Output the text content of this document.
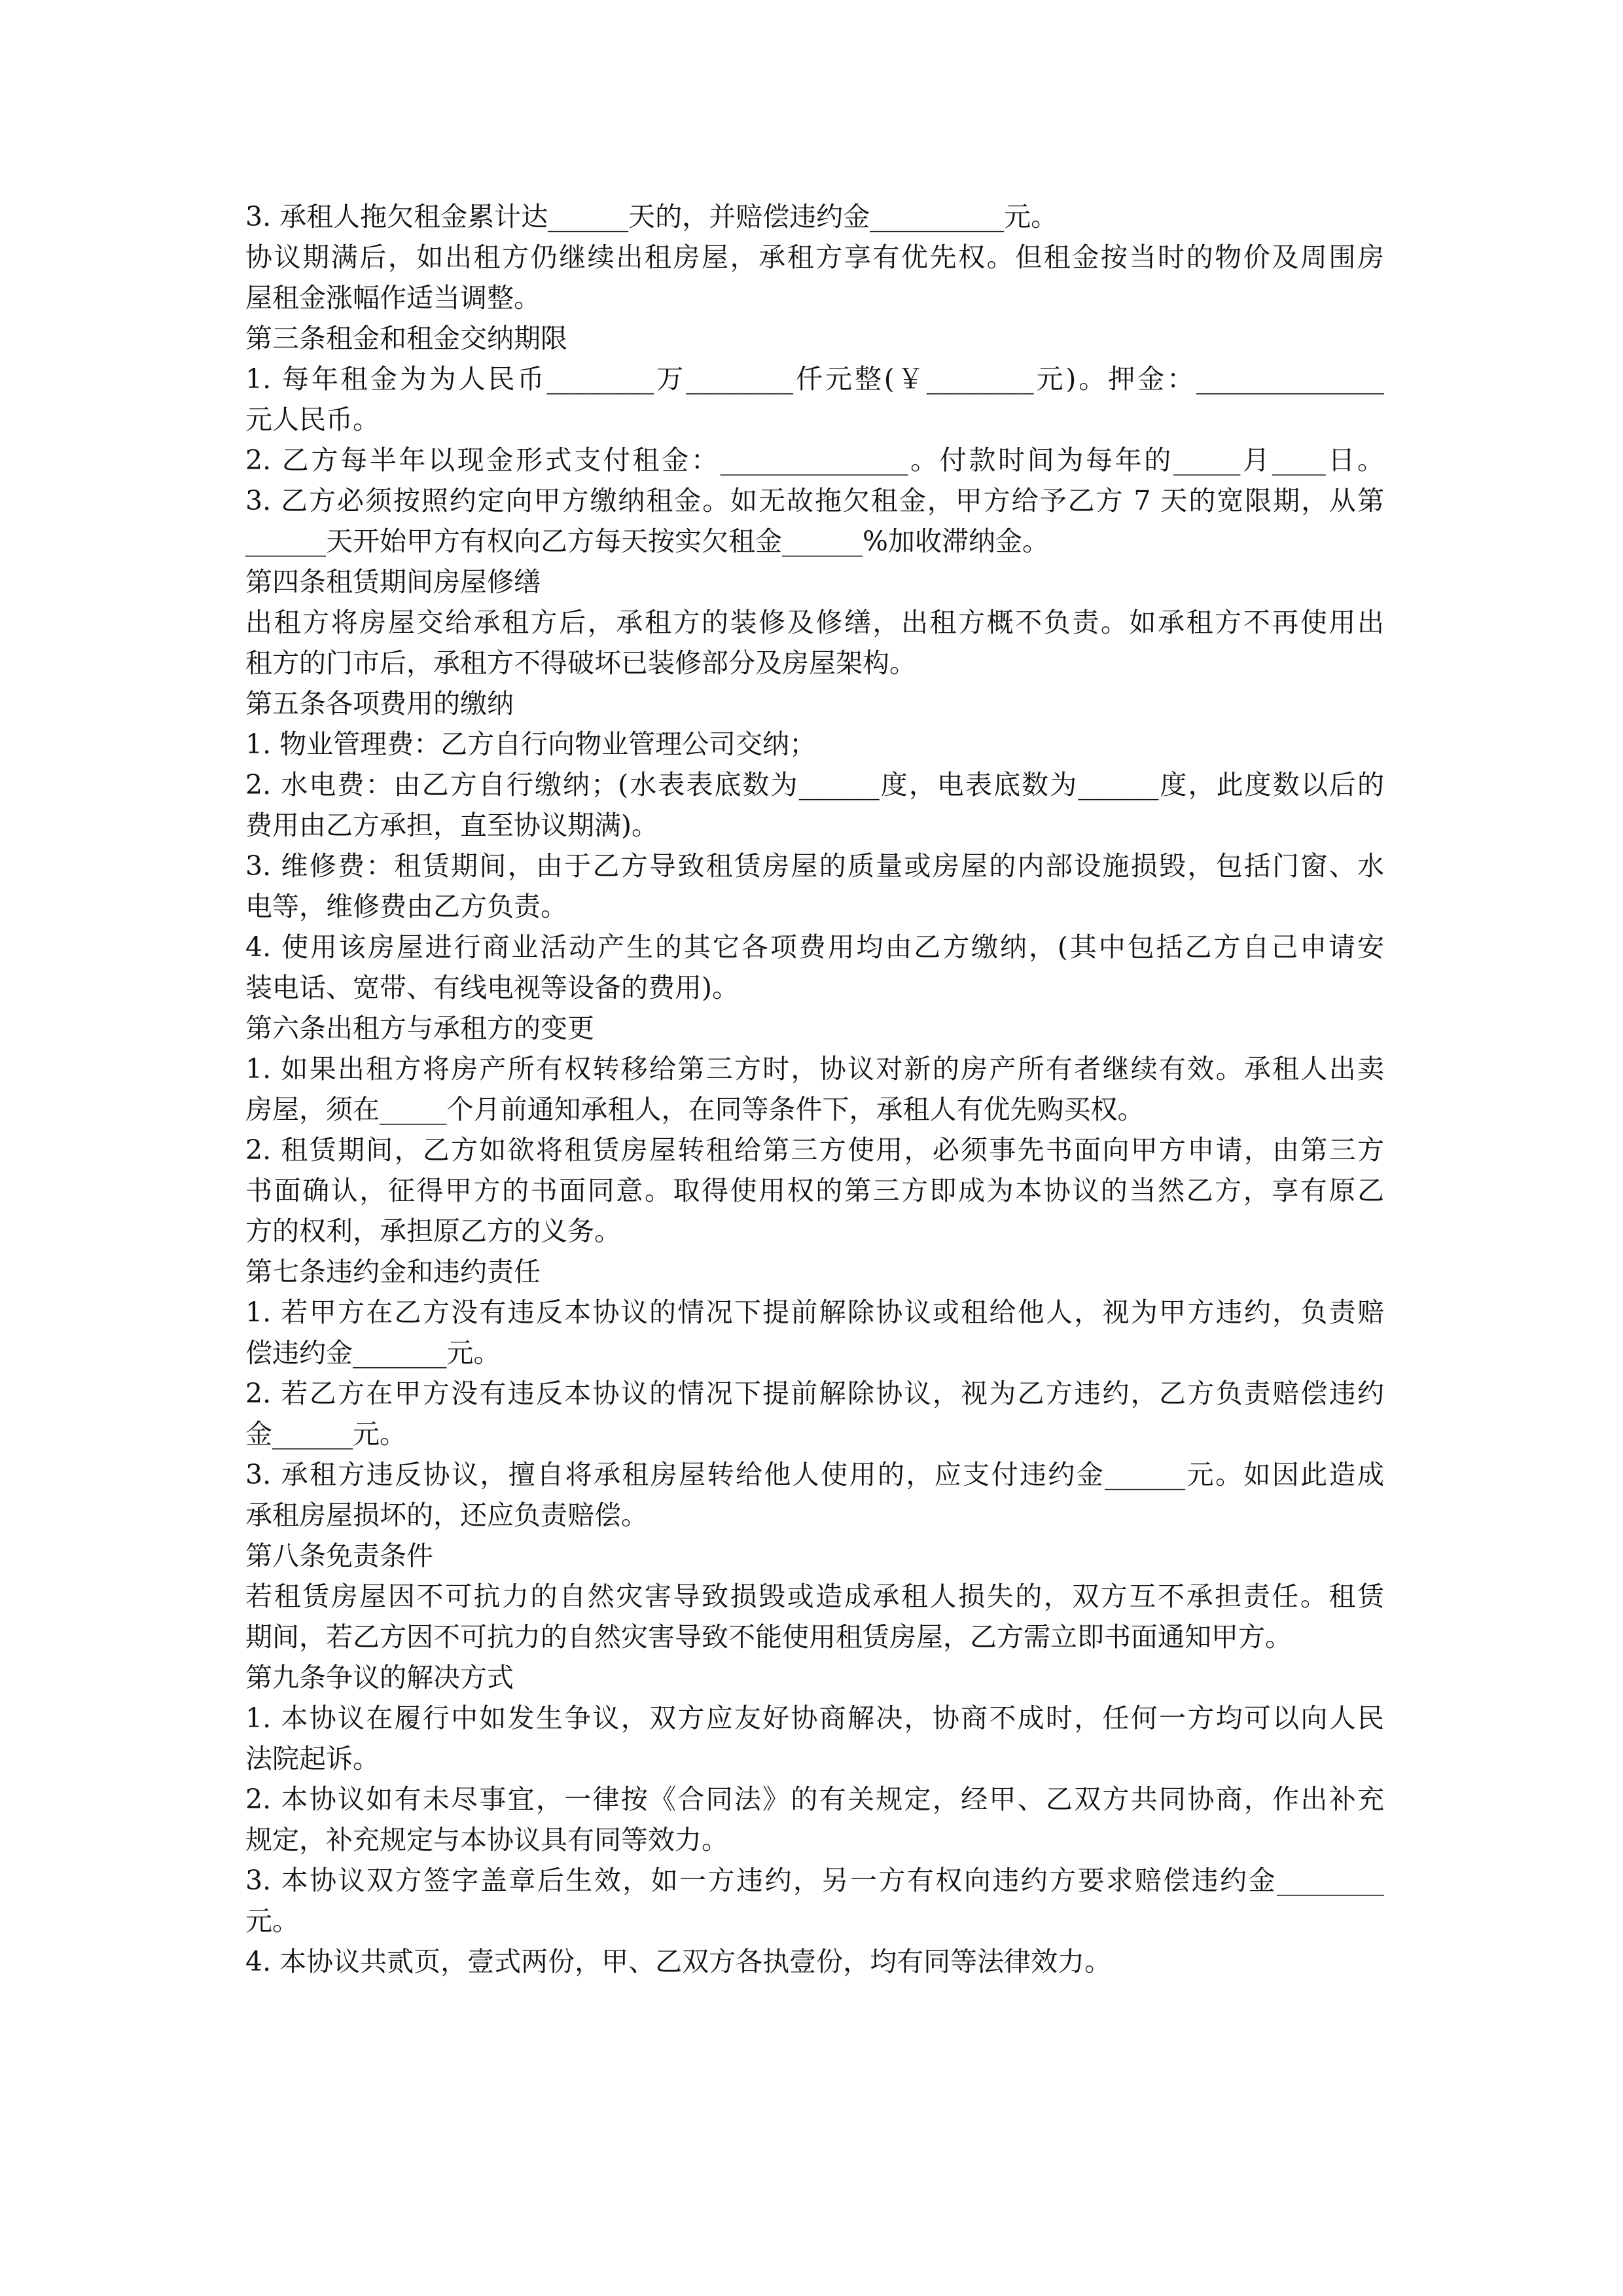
3. 承租人拖欠租金累计达______天的，并赔偿违约金__________元。
协议期满后，如出租方仍继续出租房屋，承租方享有优先权。但租金按当时的物价及周围房
屋租金涨幅作适当调整。
第三条租金和租金交纳期限
1. 每年租金为为人民币________万________仟元整(￥________元)。押金：______________
元人民币。
2. 乙方每半年以现金形式支付租金：______________。付款时间为每年的_____月____日。
3. 乙方必须按照约定向甲方缴纳租金。如无故拖欠租金，甲方给予乙方 7 天的宽限期，从第
______天开始甲方有权向乙方每天按实欠租金______%加收滞纳金。
第四条租赁期间房屋修缮
出租方将房屋交给承租方后，承租方的装修及修缮，出租方概不负责。如承租方不再使用出
租方的门市后，承租方不得破坏已装修部分及房屋架构。
第五条各项费用的缴纳
1. 物业管理费：乙方自行向物业管理公司交纳；
2. 水电费：由乙方自行缴纳；(水表表底数为______度，电表底数为______度，此度数以后的
费用由乙方承担，直至协议期满)。
3. 维修费：租赁期间，由于乙方导致租赁房屋的质量或房屋的内部设施损毁，包括门窗、水
电等，维修费由乙方负责。
4. 使用该房屋进行商业活动产生的其它各项费用均由乙方缴纳，(其中包括乙方自己申请安
装电话、宽带、有线电视等设备的费用)。
第六条出租方与承租方的变更
1. 如果出租方将房产所有权转移给第三方时，协议对新的房产所有者继续有效。承租人出卖
房屋，须在_____个月前通知承租人，在同等条件下，承租人有优先购买权。
2. 租赁期间，乙方如欲将租赁房屋转租给第三方使用，必须事先书面向甲方申请，由第三方
书面确认，征得甲方的书面同意。取得使用权的第三方即成为本协议的当然乙方，享有原乙
方的权利，承担原乙方的义务。
第七条违约金和违约责任
1. 若甲方在乙方没有违反本协议的情况下提前解除协议或租给他人，视为甲方违约，负责赔
偿违约金_______元。
2. 若乙方在甲方没有违反本协议的情况下提前解除协议，视为乙方违约，乙方负责赔偿违约
金______元。
3. 承租方违反协议，擅自将承租房屋转给他人使用的，应支付违约金______元。如因此造成
承租房屋损坏的，还应负责赔偿。
第八条免责条件
若租赁房屋因不可抗力的自然灾害导致损毁或造成承租人损失的，双方互不承担责任。租赁
期间，若乙方因不可抗力的自然灾害导致不能使用租赁房屋，乙方需立即书面通知甲方。
第九条争议的解决方式
1. 本协议在履行中如发生争议，双方应友好协商解决，协商不成时，任何一方均可以向人民
法院起诉。
2. 本协议如有未尽事宜，一律按《合同法》的有关规定，经甲、乙双方共同协商，作出补充
规定，补充规定与本协议具有同等效力。
3. 本协议双方签字盖章后生效，如一方违约，另一方有权向违约方要求赔偿违约金________
元。
4. 本协议共贰页，壹式两份，甲、乙双方各执壹份，均有同等法律效力。
